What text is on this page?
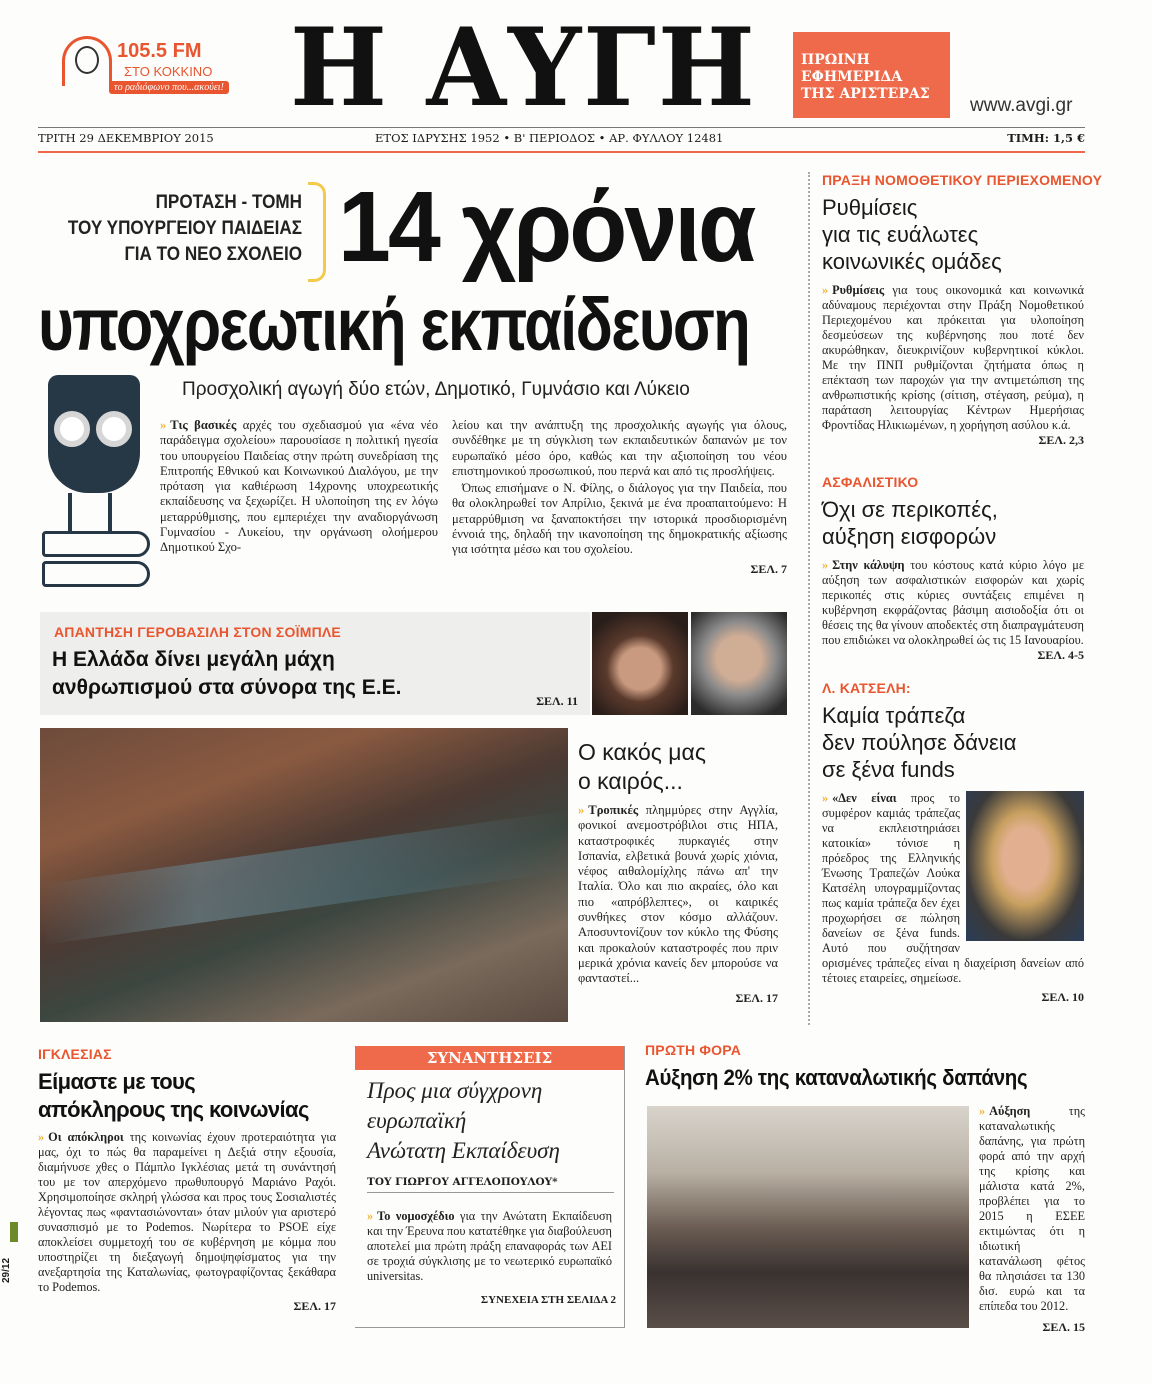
105.5 FM
ΣΤΟ ΚΟΚΚΙΝΟ
το ραδιόφωνο που...ακούει! Η ΑΥΓΗ	ΠΡΩΙΝΗ
ΕΦΗΜΕΡΙΔΑ
ΤΗΣ ΑΡΙΣΤΕΡΑΣ
www.avgi.gr
ΤΡΙΤΗ 29 ΔΕΚΕΜΒΡΙΟΥ 2015	ΕΤΟΣ ΙΔΡΥΣΗΣ 1952 • Β' ΠΕΡΙΟΔΟΣ • ΑΡ. ΦΥΛΛΟΥ 12481	ΤΙΜΗ: 1,5 €
ΠΡΟΤΑΣΗ - ΤΟΜΗ
ΤΟΥ ΥΠΟΥΡΓΕΙΟΥ ΠΑΙΔΕΙΑΣ
ΓΙΑ ΤΟ ΝΕΟ ΣΧΟΛΕΙΟ 14 χρόνια
υποχρεωτική εκπαίδευση
Προσχολική αγωγή δύο ετών, Δημοτικό, Γυμνάσιο και Λύκειο
» Τις βασικές αρχές του σχεδιασμού για «ένα νέο παράδειγμα σχολείου» παρουσίασε η πολιτική ηγεσία του υπουργείου Παιδείας στην πρώτη συνεδρίαση της Επιτροπής Εθνικού και Κοινωνικού Διαλόγου, με την πρόταση για καθιέρωση 14χρονης υποχρεωτικής εκπαίδευσης να ξεχωρίζει. Η υλοποίηση της εν λόγω μεταρρύθμισης, που εμπεριέχει την αναδιοργάνωση Γυμνασίου - Λυκείου, την οργάνωση ολοήμερου Δημοτικού Σχο-

λείου και την ανάπτυξη της προσχολικής αγωγής για όλους, συνδέθηκε με τη σύγκλιση των εκπαιδευτικών δαπανών με τον ευρωπαϊκό μέσο όρο, καθώς και την αξιοποίηση του νέου επιστημονικού προσωπικού, που περνά και από τις προσλήψεις.

Όπως επισήμανε ο Ν. Φίλης, ο διάλογος για την Παιδεία, που θα ολοκληρωθεί τον Απρίλιο, ξεκινά με ένα προαπαιτούμενο: Η μεταρρύθμιση να ξαναποκτήσει την ιστορικά προσδιορισμένη έννοιά της, δηλαδή την ικανοποίηση της δημοκρατικής αξίωσης για ισότητα μέσω και του σχολείου.

ΣΕΛ. 7
ΑΠΑΝΤΗΣΗ ΓΕΡΟΒΑΣΙΛΗ ΣΤΟΝ ΣΟΪΜΠΛΕ
Η Ελλάδα δίνει μεγάλη μάχη
ανθρωπισμού στα σύνορα της Ε.Ε.
ΣΕΛ. 11
Ο κακός μας
ο καιρός...
» Τροπικές πλημμύρες στην Αγγλία, φονικοί ανεμοστρόβιλοι στις ΗΠΑ, καταστροφικές πυρκαγιές στην Ισπανία, ελβετικά βουνά χωρίς χιόνια, νέφος αιθαλομίχλης πάνω απ' την Ιταλία. Όλο και πιο ακραίες, όλο και πιο «απρόβλεπτες», οι καιρικές συνθήκες στον κόσμο αλλάζουν. Αποσυντονίζουν τον κύκλο της Φύσης και προκαλούν καταστροφές που πριν μερικά χρόνια κανείς δεν μπορούσε να φανταστεί...
ΣΕΛ. 17
ΠΡΑΞΗ ΝΟΜΟΘΕΤΙΚΟΥ ΠΕΡΙΕΧΟΜΕΝΟΥ
Ρυθμίσεις
για τις ευάλωτες
κοινωνικές ομάδες
» Ρυθμίσεις για τους οικονομικά και κοινωνικά αδύναμους περιέχονται στην Πράξη Νομοθετικού Περιεχομένου και πρόκειται για υλοποίηση δεσμεύσεων της κυβέρνησης που ποτέ δεν ακυρώθηκαν, διευκρινίζουν κυβερνητικοί κύκλοι. Με την ΠΝΠ ρυθμίζονται ζητήματα όπως η επέκταση των παροχών για την αντιμετώπιση της ανθρωπιστικής κρίσης (σίτιση, στέγαση, ρεύμα), η παράταση λειτουργίας Κέντρων Ημερήσιας Φροντίδας Ηλικιωμένων, η χορήγηση ασύλου κ.ά.
ΣΕΛ. 2,3
ΑΣΦΑΛΙΣΤΙΚΟ
Όχι σε περικοπές,
αύξηση εισφορών
» Στην κάλυψη του κόστους κατά κύριο λόγο με αύξηση των ασφαλιστικών εισφορών και χωρίς περικοπές στις κύριες συντάξεις επιμένει η κυβέρνηση εκφράζοντας βάσιμη αισιοδοξία ότι οι θέσεις της θα γίνουν αποδεκτές στη διαπραγμάτευση που επιδιώκει να ολοκληρωθεί ώς τις 15 Ιανουαρίου.
ΣΕΛ. 4-5
Λ. ΚΑΤΣΕΛΗ:
Καμία τράπεζα
δεν πούλησε δάνεια
σε ξένα funds
» «Δεν είναι προς το συμφέρον καμιάς τράπεζας να εκπλειστηριάσει κατοικία» τόνισε η πρόεδρος της Ελληνικής Ένωσης Τραπεζών Λούκα Κατσέλη υπογραμμίζοντας πως καμία τράπεζα δεν έχει προχωρήσει σε πώληση δανείων σε ξένα funds. Αυτό που συζήτησαν ορισμένες τράπεζες είναι η διαχείριση δανείων από τέτοιες εταιρείες, σημείωσε.
ΣΕΛ. 10
ΙΓΚΛΕΣΙΑΣ
Είμαστε με τους
απόκληρους της κοινωνίας
» Οι απόκληροι της κοινωνίας έχουν προτεραιότητα για μας, όχι το πώς θα παραμείνει η Δεξιά στην εξουσία, διαμήνυσε χθες ο Πάμπλο Ιγκλέσιας μετά τη συνάντησή του με τον απερχόμενο πρωθυπουργό Μαριάνο Ραχόι. Χρησιμοποίησε σκληρή γλώσσα και προς τους Σοσιαλιστές λέγοντας πως «φαντασιώνονται» όταν μιλούν για αριστερό συνασπισμό με το Podemos. Νωρίτερα το PSOE είχε αποκλείσει συμμετοχή του σε κυβέρνηση με κόμμα που υποστηρίζει τη διεξαγωγή δημοψηφίσματος για την ανεξαρτησία της Καταλωνίας, φωτογραφίζοντας ξεκάθαρα το Podemos.
ΣΕΛ. 17
29/12
ΣΥΝΑΝΤΗΣΕΙΣ
Προς μια σύγχρονη
ευρωπαϊκή
Ανώτατη Εκπαίδευση
ΤΟΥ ΓΙΩΡΓΟΥ ΑΓΓΕΛΟΠΟΥΛΟΥ*
» Το νομοσχέδιο για την Ανώτατη Εκπαίδευση και την Έρευνα που κατατέθηκε για διαβούλευση αποτελεί μια πρώτη πράξη επαναφοράς των ΑΕΙ σε τροχιά σύγκλισης με το νεωτερικό ευρωπαϊκό universitas.
ΣΥΝΕΧΕΙΑ ΣΤΗ ΣΕΛΙΔΑ 2
ΠΡΩΤΗ ΦΟΡΑ
Αύξηση 2% της καταναλωτικής δαπάνης
» Αύξηση	της καταναλωτικής δαπάνης, για πρώτη φορά από την αρχή της κρίσης και μάλιστα κατά 2%, προβλέπει για το 2015 η ΕΣΕΕ εκτιμώντας ότι η ιδιωτική κατανάλωση φέτος θα πλησιάσει τα 130 δισ. ευρώ και τα επίπεδα του 2012.
ΣΕΛ. 15
